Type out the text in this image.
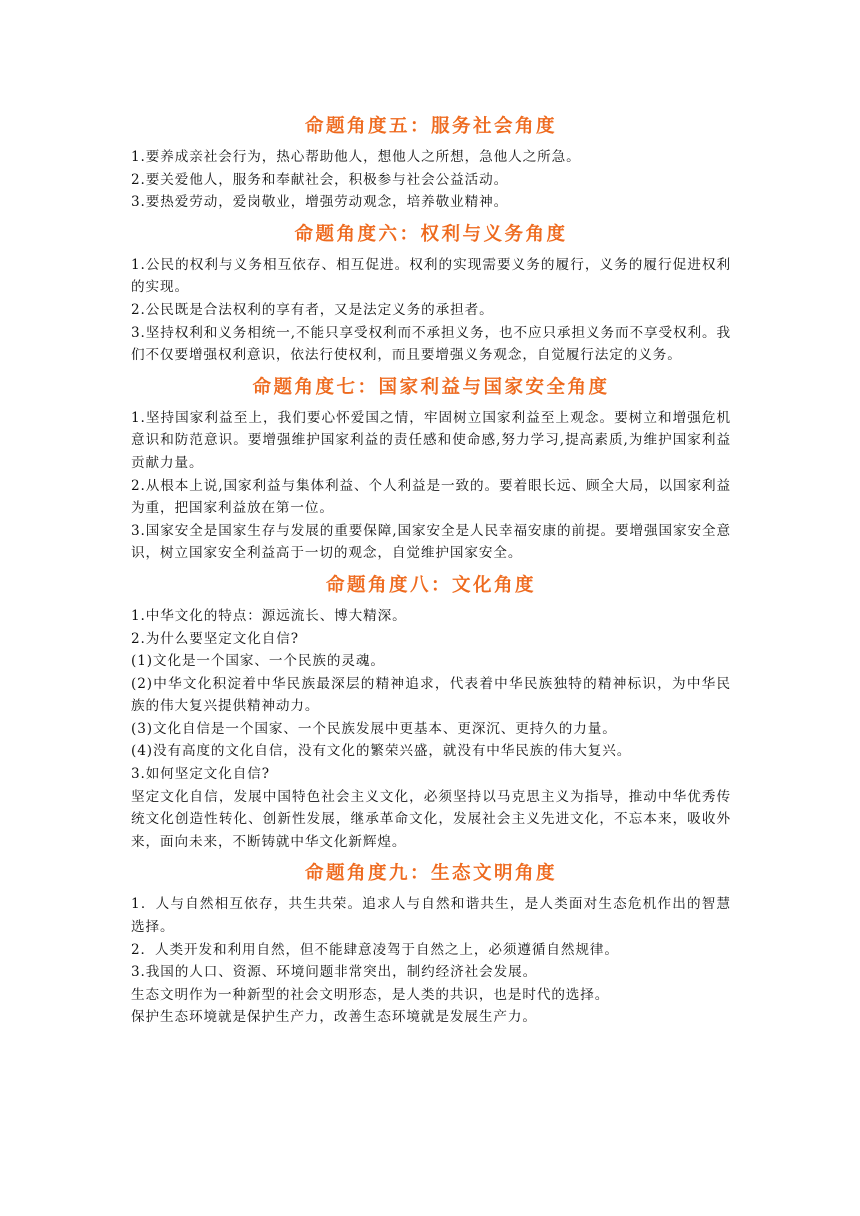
命题角度五：服务社会角度

1.要养成亲社会行为，热心帮助他人，想他人之所想，急他人之所急。

2.要关爱他人，服务和奉献社会，积极参与社会公益活动。

3.要热爱劳动，爱岗敬业，增强劳动观念，培养敬业精神。

命题角度六：权利与义务角度

1.公民的权利与义务相互依存、相互促进。权利的实现需要义务的履行，义务的履行促进权利的实现。

2.公民既是合法权利的享有者，又是法定义务的承担者。

3.坚持权利和义务相统一,不能只享受权利而不承担义务，也不应只承担义务而不享受权利。我们不仅要增强权利意识，依法行使权利，而且要增强义务观念，自觉履行法定的义务。

命题角度七：国家利益与国家安全角度

1.坚持国家利益至上，我们要心怀爱国之情，牢固树立国家利益至上观念。要树立和增强危机意识和防范意识。要增强维护国家利益的责任感和使命感,努力学习,提高素质,为维护国家利益贡献力量。

2.从根本上说,国家利益与集体利益、个人利益是一致的。要着眼长远、顾全大局，以国家利益为重，把国家利益放在第一位。

3.国家安全是国家生存与发展的重要保障,国家安全是人民幸福安康的前提。要增强国家安全意识，树立国家安全利益高于一切的观念，自觉维护国家安全。

命题角度八：文化角度

1.中华文化的特点：源远流长、博大精深。

2.为什么要坚定文化自信?

(1)文化是一个国家、一个民族的灵魂。

(2)中华文化积淀着中华民族最深层的精神追求，代表着中华民族独特的精神标识，为中华民族的伟大复兴提供精神动力。

(3)文化自信是一个国家、一个民族发展中更基本、更深沉、更持久的力量。

(4)没有高度的文化自信，没有文化的繁荣兴盛，就没有中华民族的伟大复兴。

3.如何坚定文化自信?

坚定文化自信，发展中国特色社会主义文化，必须坚持以马克思主义为指导，推动中华优秀传统文化创造性转化、创新性发展，继承革命文化，发展社会主义先进文化，不忘本来，吸收外来，面向未来，不断铸就中华文化新辉煌。

命题角度九：生态文明角度

1．人与自然相互依存，共生共荣。追求人与自然和谐共生，是人类面对生态危机作出的智慧选择。

2．人类开发和利用自然，但不能肆意凌驾于自然之上，必须遵循自然规律。

3.我国的人口、资源、环境问题非常突出，制约经济社会发展。

生态文明作为一种新型的社会文明形态，是人类的共识，也是时代的选择。

保护生态环境就是保护生产力，改善生态环境就是发展生产力。
